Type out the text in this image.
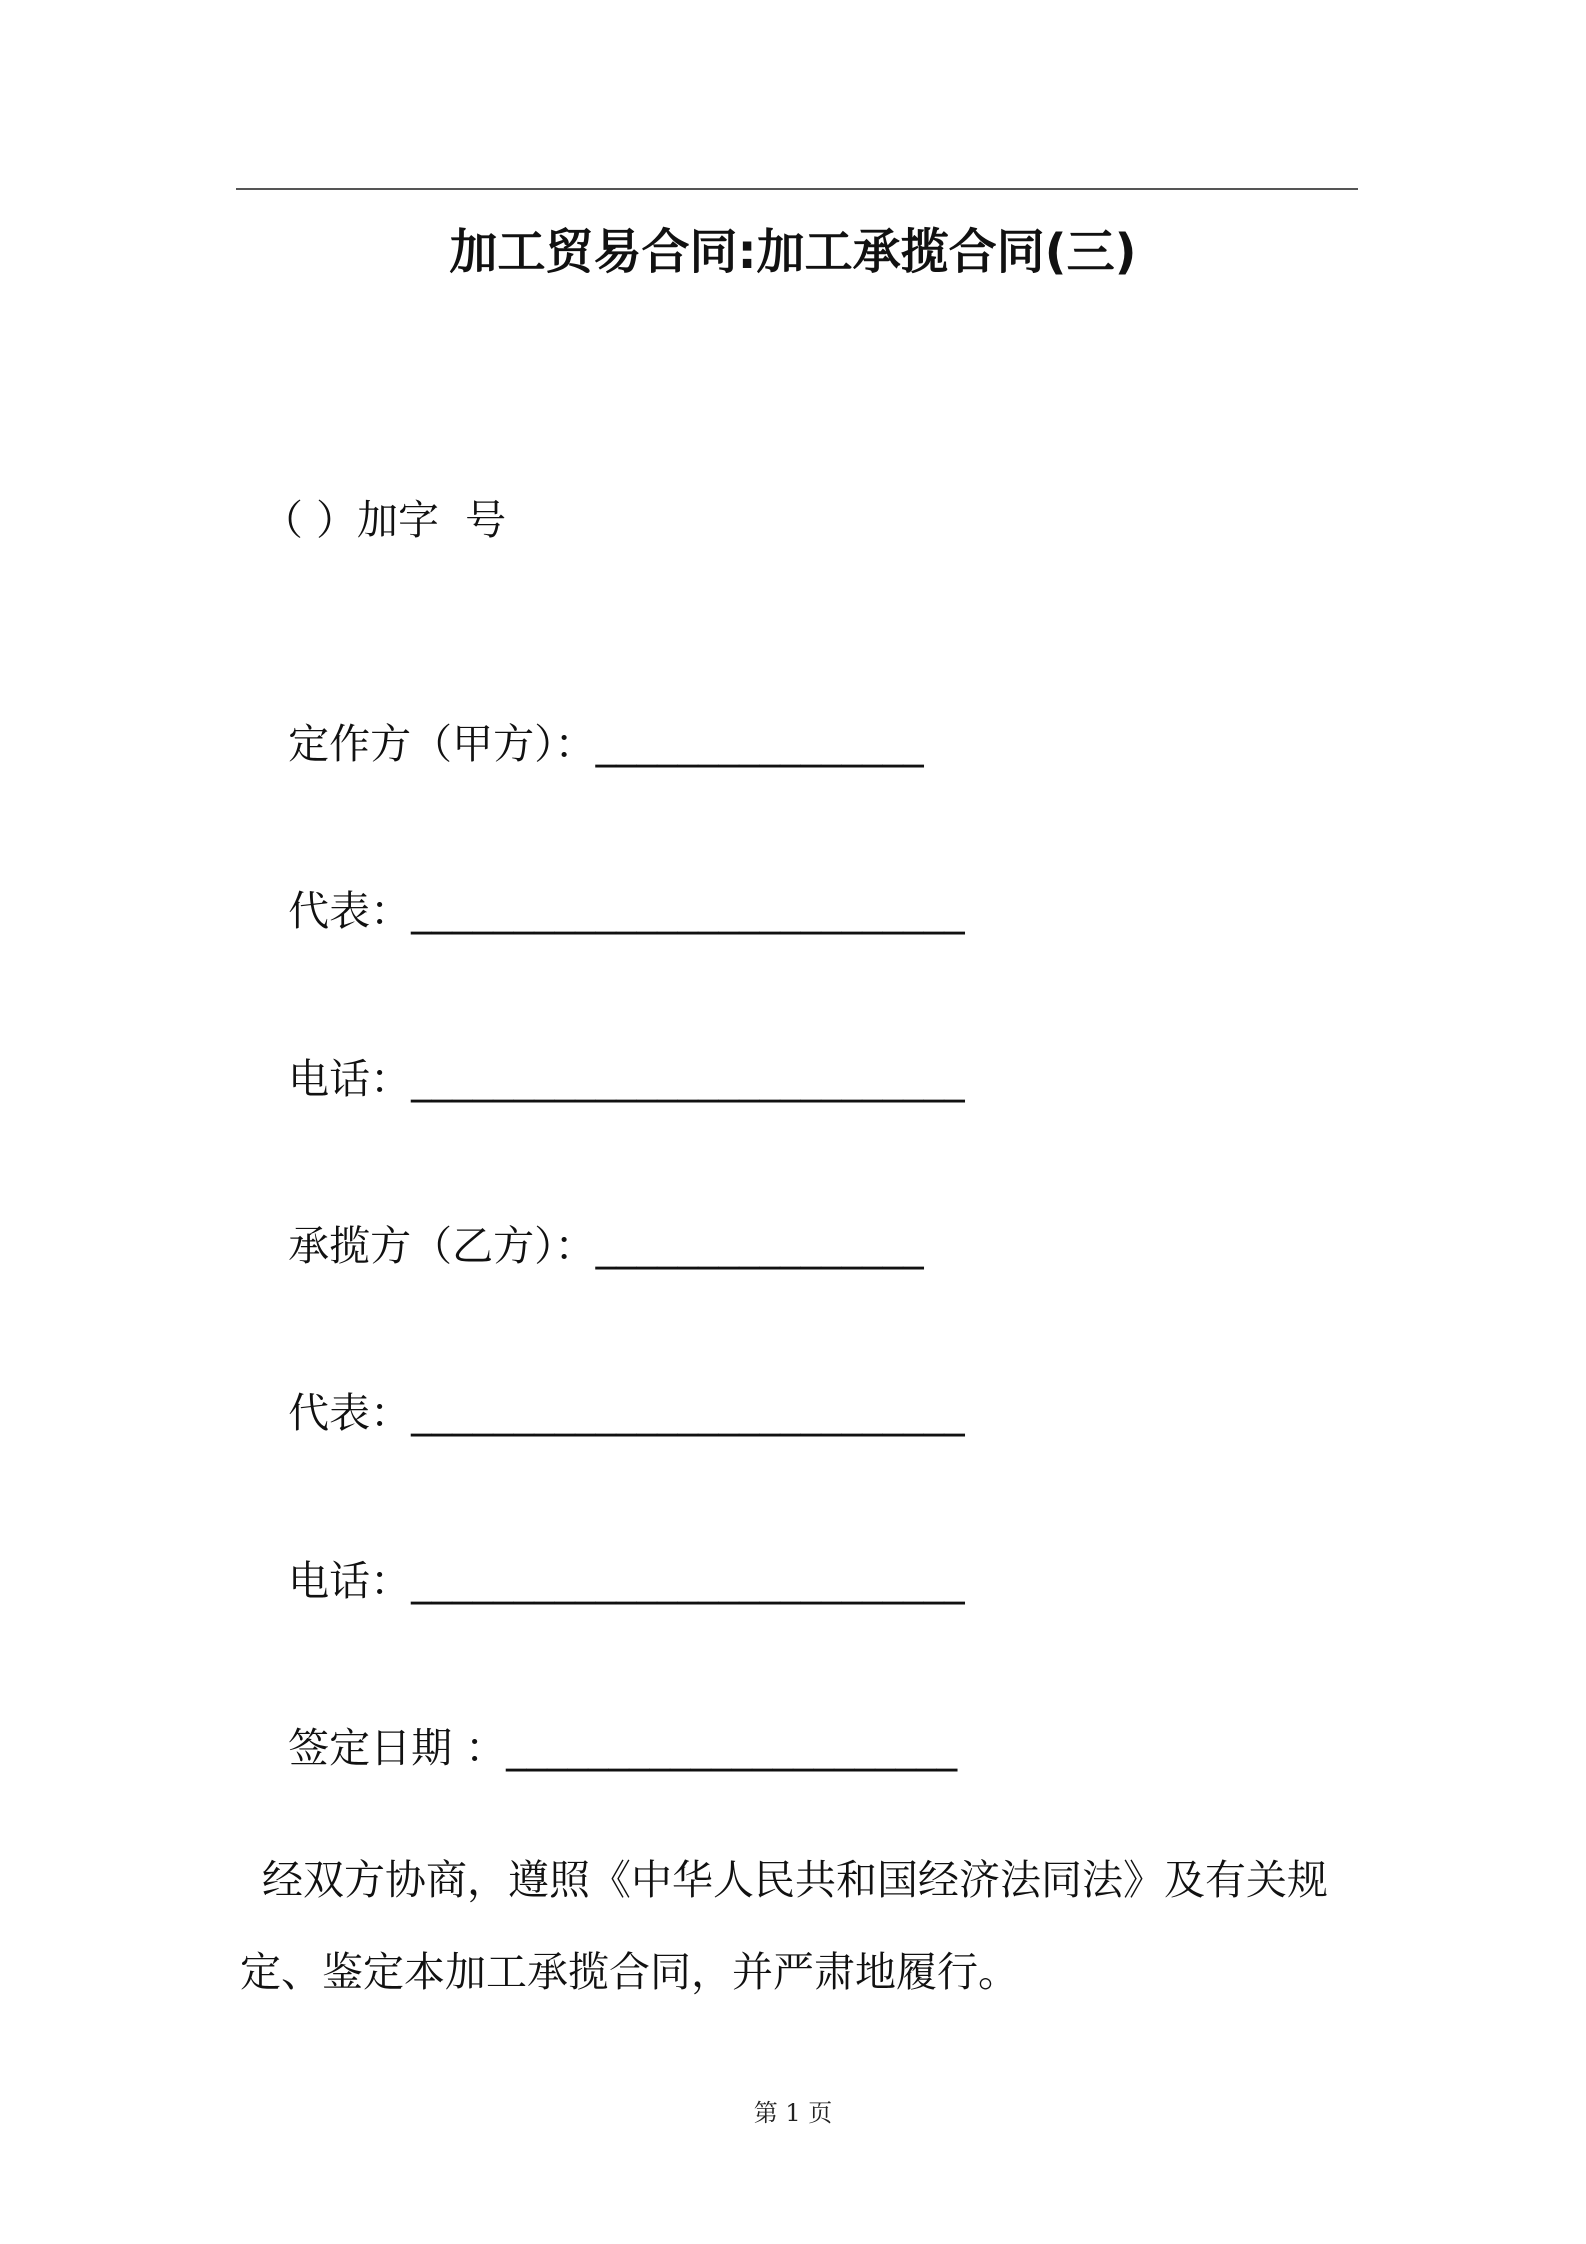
加工贸易合同:加工承揽合同(三)
（ ）加字  号

定作方（甲方）：________________

代表：___________________________

电话：___________________________

承揽方（乙方）：________________

代表：___________________________

电话：___________________________

签定日期 ：______________________

经双方协商，遵照《中华人民共和国经济法同法》及有关规定、鉴定本加工承揽合同，并严肃地履行。
第 1 页
